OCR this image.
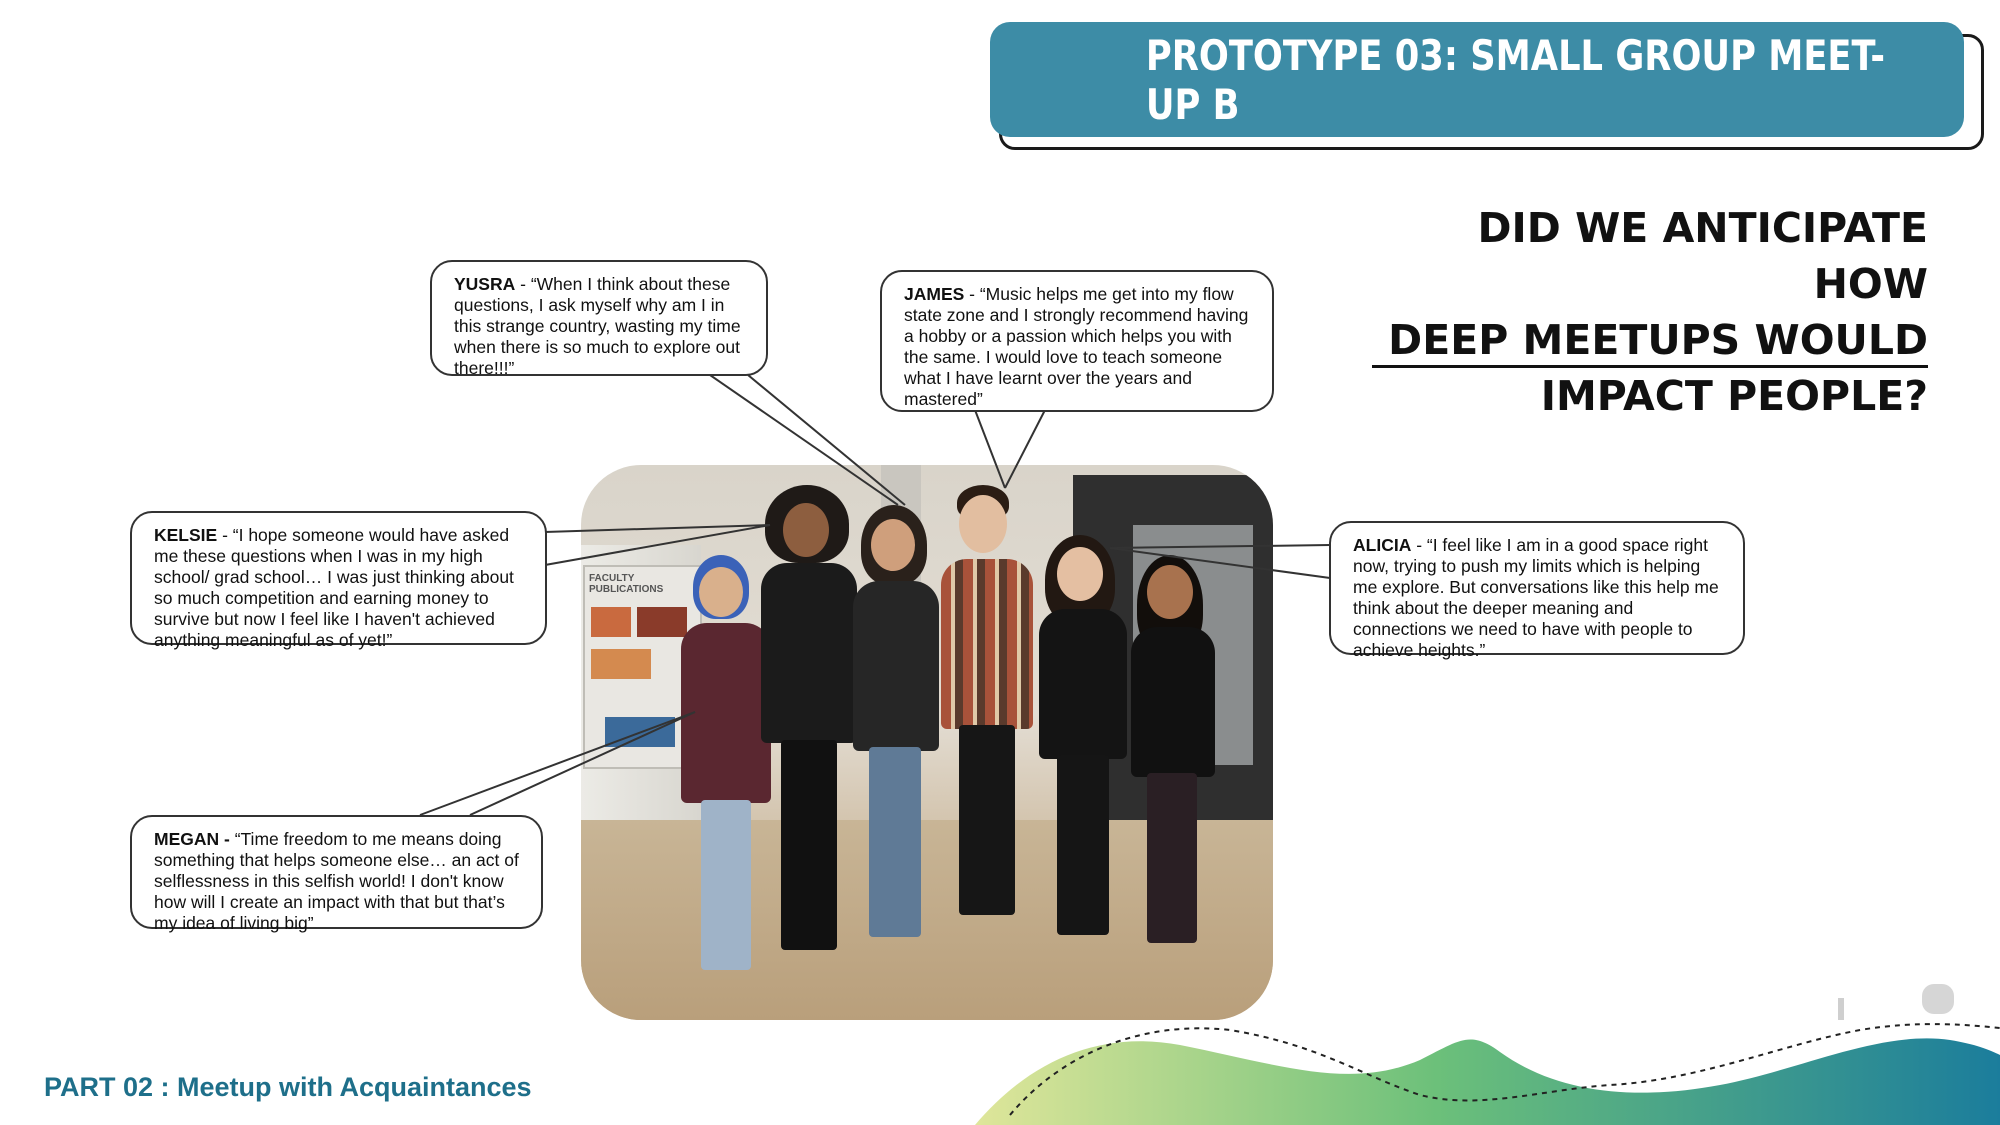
PROTOTYPE 03: SMALL GROUP MEET-UP B
DID WE ANTICIPATE HOW
DEEP MEETUPS WOULD
IMPACT PEOPLE?
FACULTY PUBLICATIONS
YUSRA - “When I think about these questions, I ask myself why am I in this strange country, wasting my time when there is so much to explore out there!!!”
JAMES - “Music helps me get into my flow state zone and I strongly recommend having a hobby or a passion which helps you with the same. I would love to teach someone what I have learnt over the years and mastered”
KELSIE - “I hope someone would have asked me these questions when I was in my high school/ grad school… I was just thinking about so much competition and earning money to survive but now I feel like I haven't achieved anything meaningful as of yet!”
ALICIA - “I feel like I am in a good space right now, trying to push my limits which is helping me explore. But conversations like this help me think about the deeper meaning and connections we need to have with people to achieve heights.”
MEGAN - “Time freedom to me means doing something that helps someone else… an act of selflessness in this selfish world! I don't know how will I create an impact with that but that’s my idea of living big”
PART 02 : Meetup with Acquaintances
